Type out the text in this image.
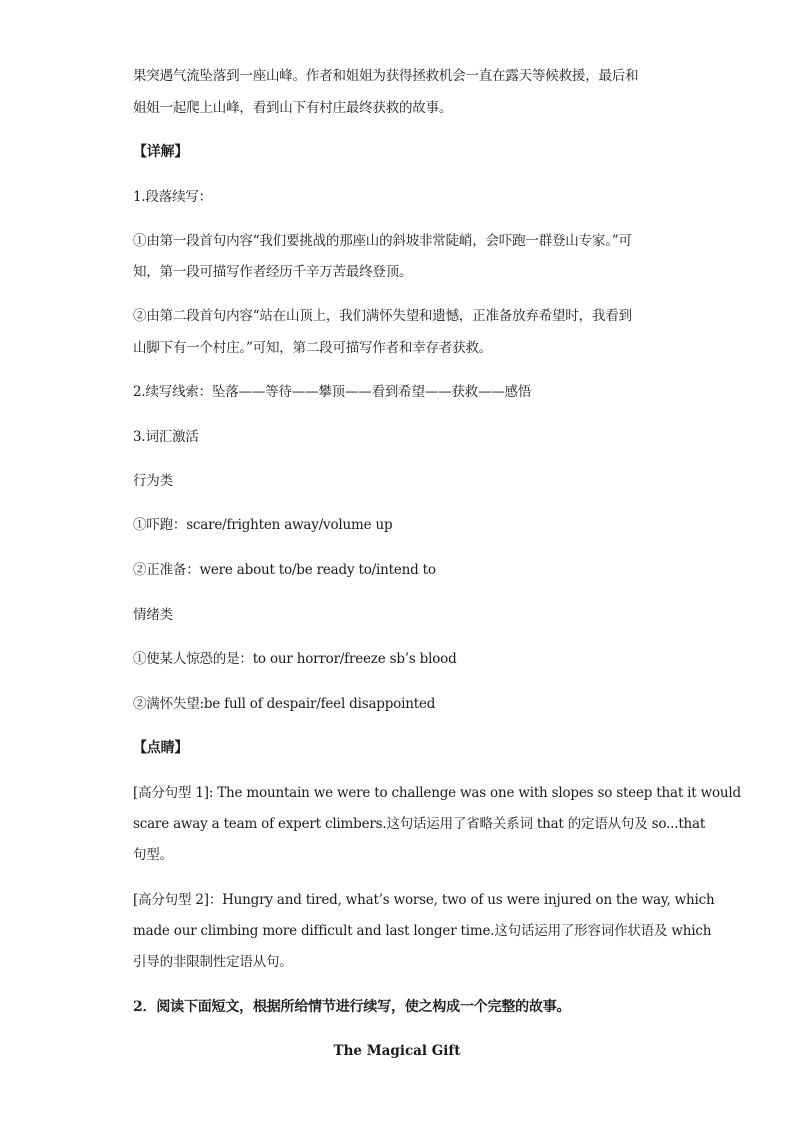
果突遇气流坠落到一座山峰。作者和姐姐为获得拯救机会一直在露天等候救援，最后和
姐姐一起爬上山峰，看到山下有村庄最终获救的故事。
【详解】
1.段落续写：
①由第一段首句内容“我们要挑战的那座山的斜坡非常陡峭，会吓跑一群登山专家。”可
知，第一段可描写作者经历千辛万苦最终登顶。
②由第二段首句内容“站在山顶上，我们满怀失望和遗憾，正准备放弃希望时，我看到
山脚下有一个村庄。”可知，第二段可描写作者和幸存者获救。
2.续写线索：坠落——等待——攀顶——看到希望——获救——感悟
3.词汇激活
行为类
①吓跑：scare/frighten away/volume up
②正准备：were about to/be ready to/intend to
情绪类
①使某人惊恐的是：to our horror/freeze sb’s blood
②满怀失望:be full of despair/feel disappointed
【点睛】
[高分句型 1]: The mountain we were to challenge was one with slopes so steep that it would
scare away a team of expert climbers.这句话运用了省略关系词 that 的定语从句及 so...that
句型。
[高分句型 2]：Hungry and tired, what’s worse, two of us were injured on the way, which
made our climbing more difficult and last longer time.这句话运用了形容词作状语及 which
引导的非限制性定语从句。
2．阅读下面短文，根据所给情节进行续写，使之构成一个完整的故事。
The Magical Gift
